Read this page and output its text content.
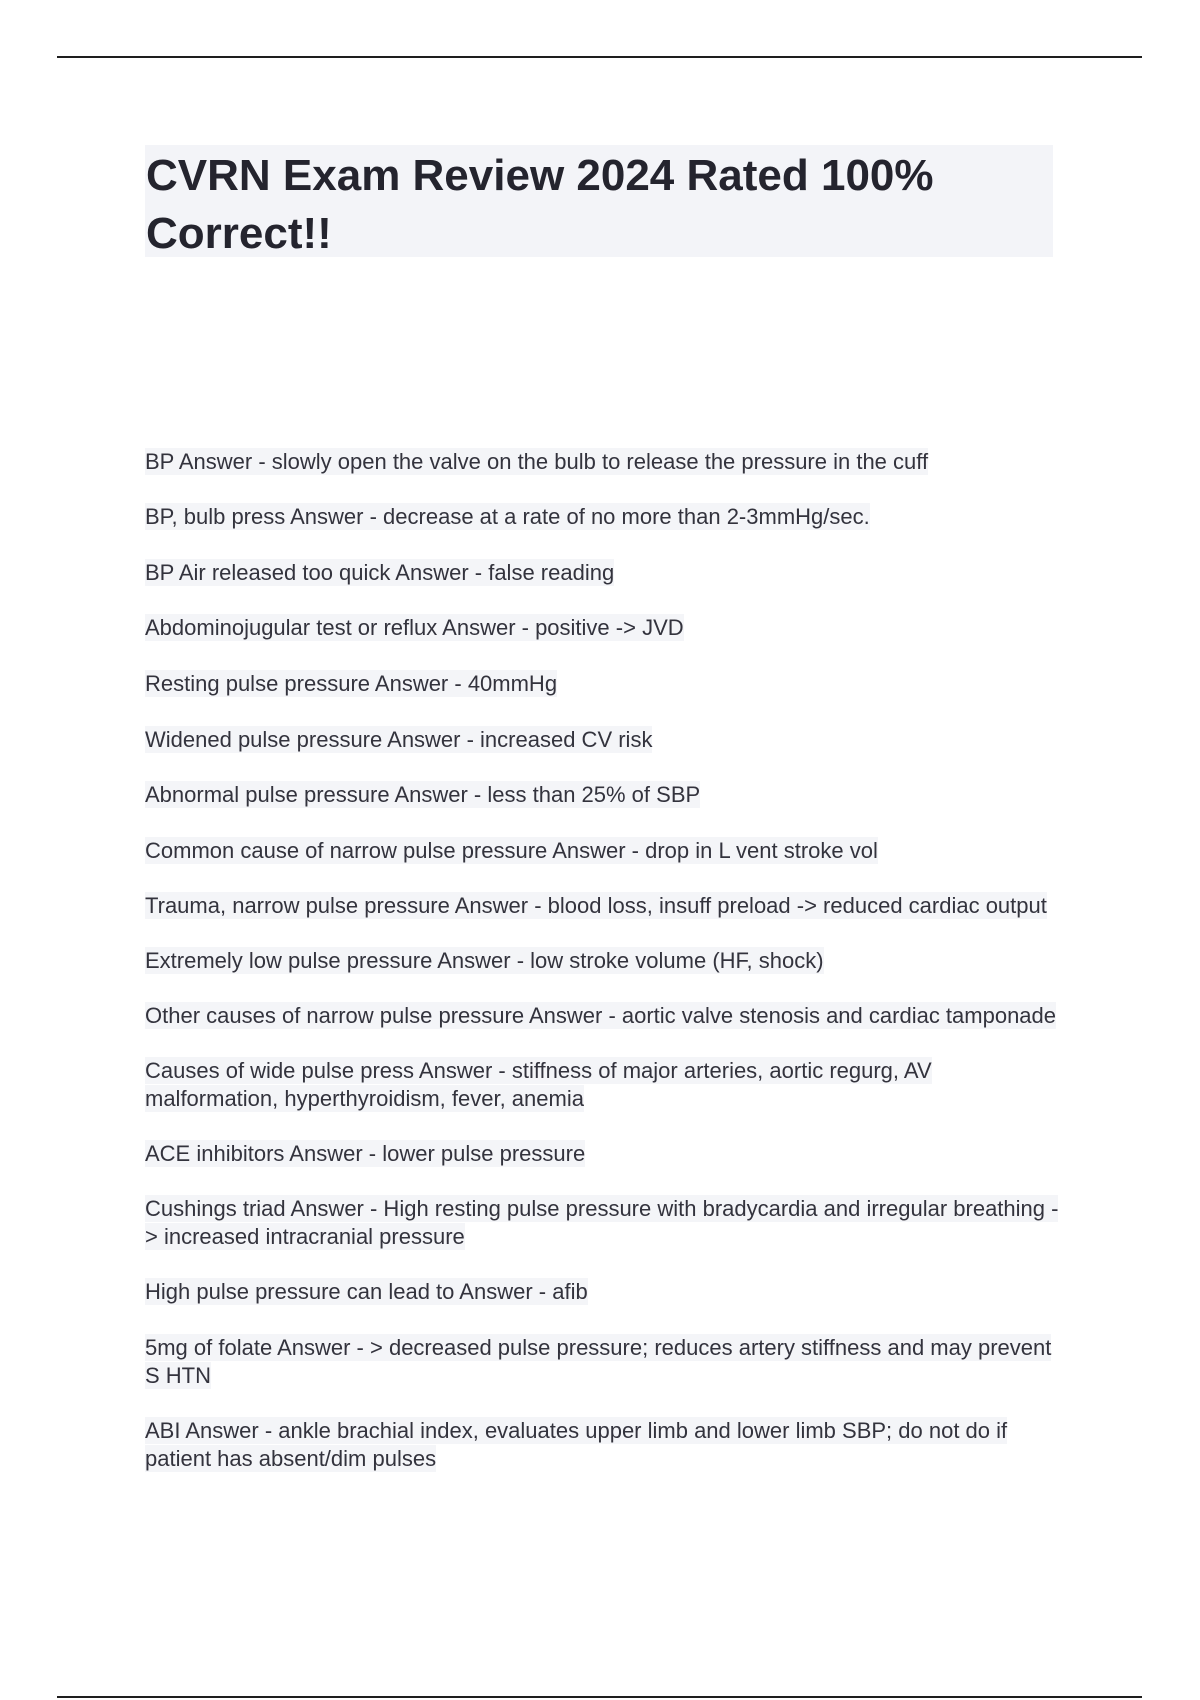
CVRN Exam Review 2024 Rated 100% Correct!!
BP Answer - slowly open the valve on the bulb to release the pressure in the cuff
BP, bulb press Answer - decrease at a rate of no more than 2-3mmHg/sec.
BP Air released too quick Answer - false reading
Abdominojugular test or reflux Answer - positive -> JVD
Resting pulse pressure Answer - 40mmHg
Widened pulse pressure Answer - increased CV risk
Abnormal pulse pressure Answer - less than 25% of SBP
Common cause of narrow pulse pressure Answer - drop in L vent stroke vol
Trauma, narrow pulse pressure Answer - blood loss, insuff preload -> reduced cardiac output
Extremely low pulse pressure Answer - low stroke volume (HF, shock)
Other causes of narrow pulse pressure Answer - aortic valve stenosis and cardiac tamponade
Causes of wide pulse press Answer - stiffness of major arteries, aortic regurg, AV malformation, hyperthyroidism, fever, anemia
ACE inhibitors Answer - lower pulse pressure
Cushings triad Answer - High resting pulse pressure with bradycardia and irregular breathing -> increased intracranial pressure
High pulse pressure can lead to Answer - afib
5mg of folate Answer - > decreased pulse pressure; reduces artery stiffness and may prevent S HTN
ABI Answer - ankle brachial index, evaluates upper limb and lower limb SBP; do not do if patient has absent/dim pulses
